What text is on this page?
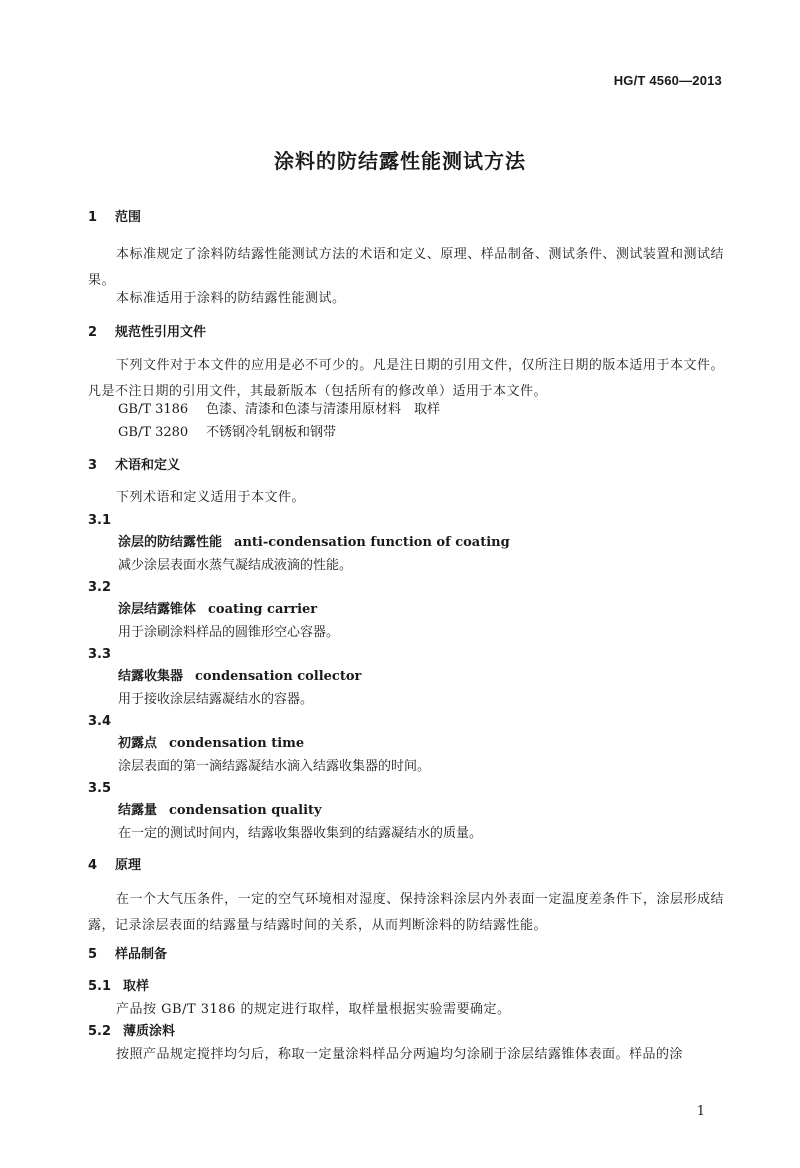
HG/T 4560—2013
涂料的防结露性能测试方法
1 范围
本标准规定了涂料防结露性能测试方法的术语和定义、原理、样品制备、测试条件、测试装置和测试结果。
本标准适用于涂料的防结露性能测试。
2 规范性引用文件
下列文件对于本文件的应用是必不可少的。凡是注日期的引用文件，仅所注日期的版本适用于本文件。凡是不注日期的引用文件，其最新版本（包括所有的修改单）适用于本文件。
GB/T 3186 色漆、清漆和色漆与清漆用原材料　取样
GB/T 3280 不锈钢冷轧钢板和钢带
3 术语和定义
下列术语和定义适用于本文件。
3.1
涂层的防结露性能 anti-condensation function of coating
减少涂层表面水蒸气凝结成液滴的性能。
3.2
涂层结露锥体 coating carrier
用于涂刷涂料样品的圆锥形空心容器。
3.3
结露收集器 condensation collector
用于接收涂层结露凝结水的容器。
3.4
初露点 condensation time
涂层表面的第一滴结露凝结水滴入结露收集器的时间。
3.5
结露量 condensation quality
在一定的测试时间内，结露收集器收集到的结露凝结水的质量。
4 原理
在一个大气压条件，一定的空气环境相对湿度、保持涂料涂层内外表面一定温度差条件下，涂层形成结露，记录涂层表面的结露量与结露时间的关系，从而判断涂料的防结露性能。
5 样品制备
5.1 取样
产品按 GB/T 3186 的规定进行取样，取样量根据实验需要确定。
5.2 薄质涂料
按照产品规定搅拌均匀后，称取一定量涂料样品分两遍均匀涂刷于涂层结露锥体表面。样品的涂
1
